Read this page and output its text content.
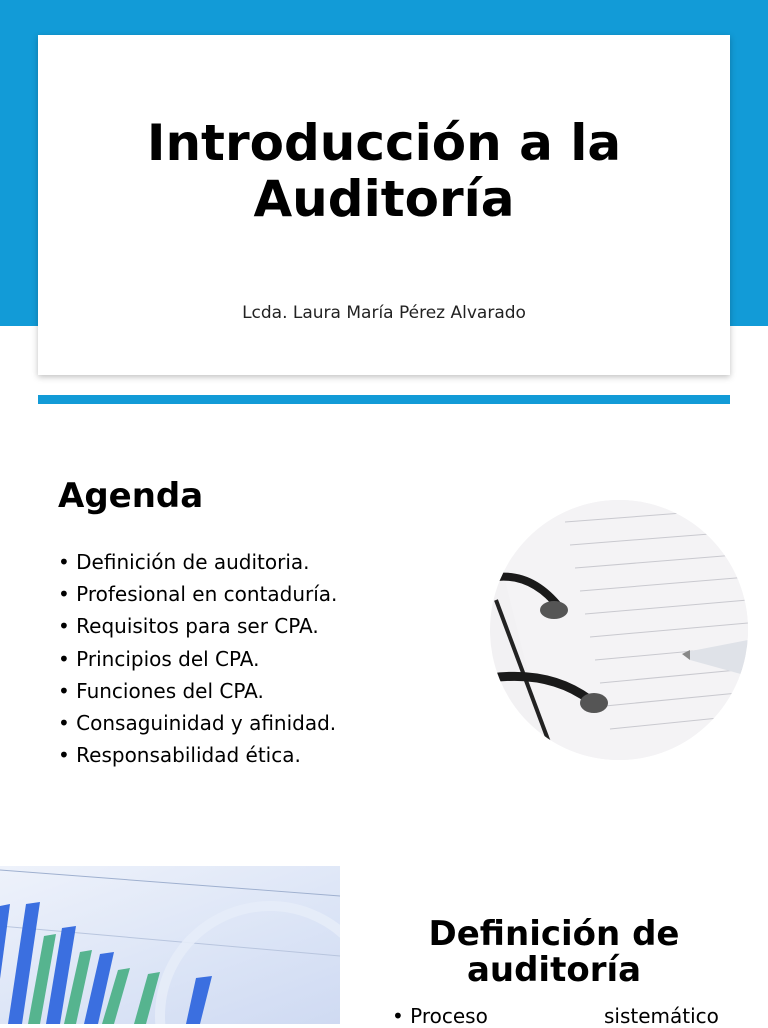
Introducción a la Auditoría
Lcda. Laura María Pérez Alvarado
Agenda
• Definición de auditoria.
• Profesional en contaduría.
• Requisitos para ser CPA.
• Principios del CPA.
• Funciones del CPA.
• Consaguinidad y afinidad.
• Responsabilidad ética.
Definición de auditoría
• Proceso	sistemático
